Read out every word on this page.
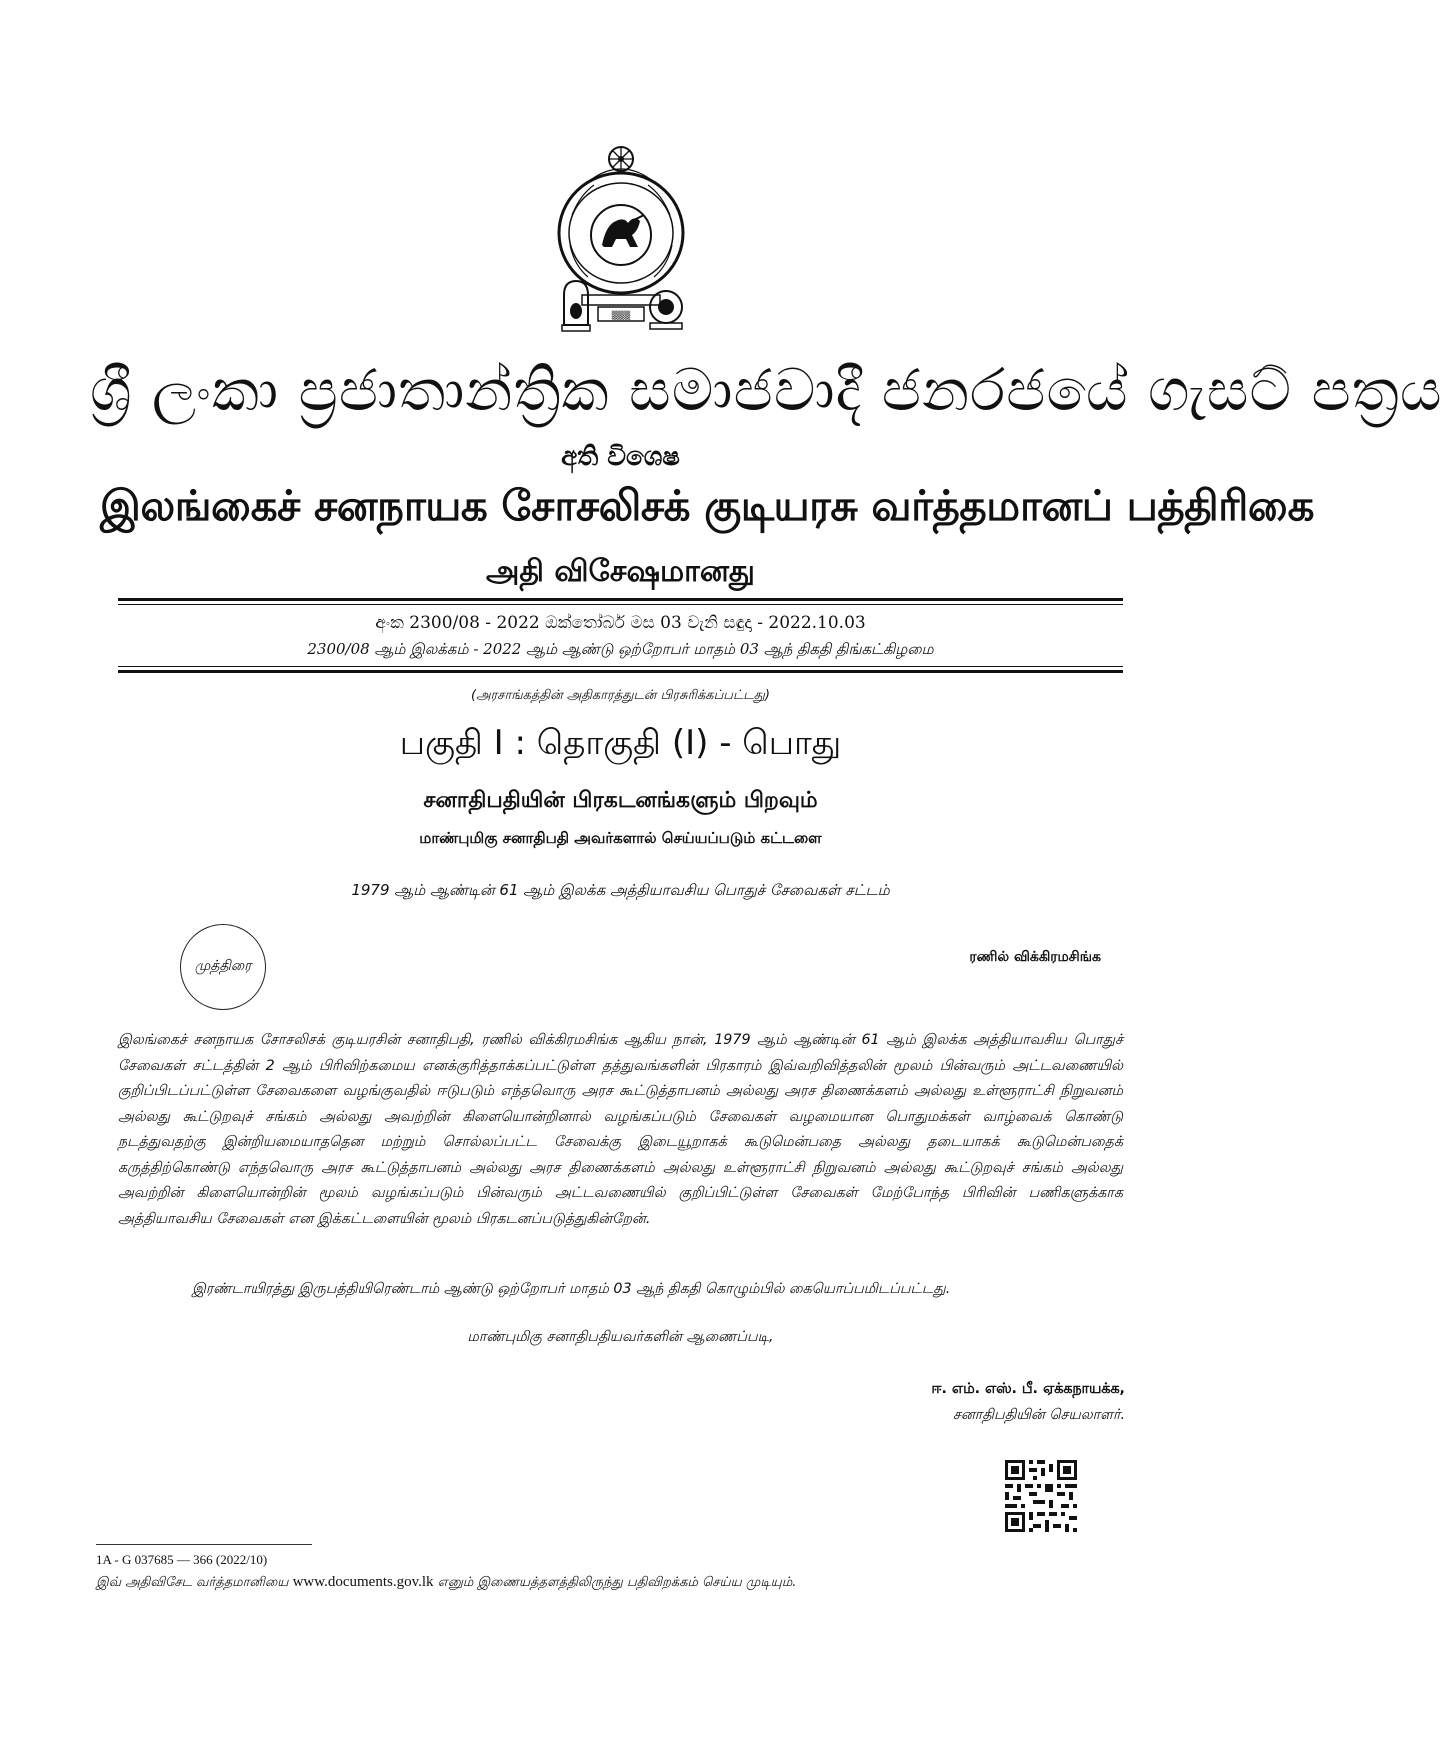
▒▒▒
ශ්‍රී ලංකා ප්‍රජාතාන්ත්‍රික සමාජවාදී ජනරජයේ ගැසට් පත්‍රය
අති විශෙෂ
இலங்கைச் சனநாயக சோசலிசக் குடியரசு வர்த்தமானப் பத்திரிகை
அதி விசேஷமானது
අංක 2300/08 - 2022 ඔක්තෝබර් මස 03 වැනි සඳුදා - 2022.10.03
2300/08 ஆம் இலக்கம் - 2022 ஆம் ஆண்டு ஒற்றோபர் மாதம் 03 ஆந் திகதி திங்கட்கிழமை
(அரசாங்கத்தின் அதிகாரத்துடன் பிரசுரிக்கப்பட்டது)
பகுதி I : தொகுதி (I) - பொது
சனாதிபதியின் பிரகடனங்களும் பிறவும்
மாண்புமிகு சனாதிபதி அவர்களால் செய்யப்படும் கட்டளை
1979 ஆம் ஆண்டின் 61 ஆம் இலக்க அத்தியாவசிய பொதுச் சேவைகள் சட்டம்
முத்திரை
ரணில் விக்கிரமசிங்க
இலங்கைச் சனநாயக சோசலிசக் குடியரசின் சனாதிபதி, ரணில் விக்கிரமசிங்க ஆகிய நான், 1979 ஆம் ஆண்டின் 61 ஆம் இலக்க அத்தியாவசிய பொதுச் சேவைகள் சட்டத்தின் 2 ஆம் பிரிவிற்கமைய எனக்குரித்தாக்கப்பட்டுள்ள தத்துவங்களின் பிரகாரம் இவ்வறிவித்தலின் மூலம் பின்வரும் அட்டவணையில் குறிப்பிடப்பட்டுள்ள சேவைகளை வழங்குவதில் ஈடுபடும் எந்தவொரு அரச கூட்டுத்தாபனம் அல்லது அரச திணைக்களம் அல்லது உள்ளூராட்சி நிறுவனம் அல்லது கூட்டுறவுச் சங்கம் அல்லது அவற்றின் கிளையொன்றினால் வழங்கப்படும் சேவைகள் வழமையான பொதுமக்கள் வாழ்வைக் கொண்டு நடத்துவதற்கு இன்றியமையாததென மற்றும் சொல்லப்பட்ட சேவைக்கு இடையூறாகக் கூடுமென்பதை அல்லது தடையாகக் கூடுமென்பதைக் கருத்திற்கொண்டு எந்தவொரு அரச கூட்டுத்தாபனம் அல்லது அரச திணைக்களம் அல்லது உள்ளூராட்சி நிறுவனம் அல்லது கூட்டுறவுச் சங்கம் அல்லது அவற்றின் கிளையொன்றின் மூலம் வழங்கப்படும் பின்வரும் அட்டவணையில் குறிப்பிட்டுள்ள சேவைகள் மேற்போந்த பிரிவின் பணிகளுக்காக அத்தியாவசிய சேவைகள் என இக்கட்டளையின் மூலம் பிரகடனப்படுத்துகின்றேன்.
இரண்டாயிரத்து இருபத்தியிரெண்டாம் ஆண்டு ஒற்றோபர் மாதம் 03 ஆந் திகதி கொழும்பில் கையொப்பமிடப்பட்டது.
மாண்புமிகு சனாதிபதியவர்களின் ஆணைப்படி,
ஈ. எம். எஸ். பீ. ஏக்கநாயக்க,
சனாதிபதியின் செயலாளர்.
1A - G 037685 — 366 (2022/10)
இவ் அதிவிசேட வர்த்தமானியை www.documents.gov.lk எனும் இணையத்தளத்திலிருந்து பதிவிறக்கம் செய்ய முடியும்.
